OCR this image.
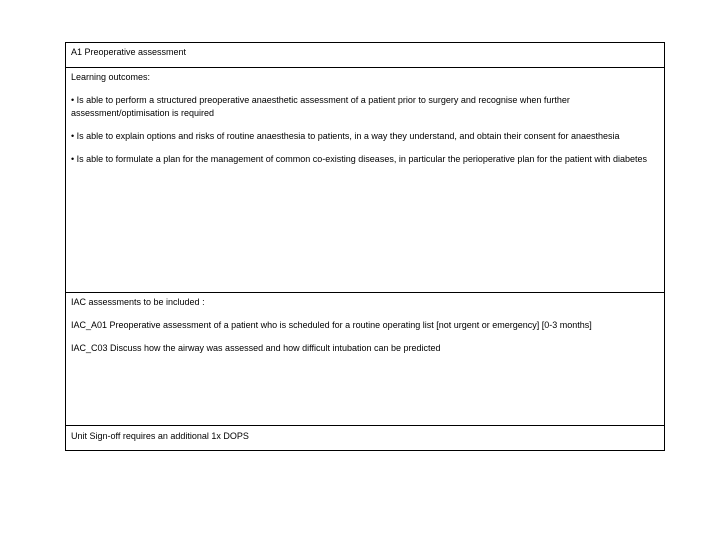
A1 Preoperative assessment

Learning outcomes:

• Is able to perform a structured preoperative anaesthetic assessment of a patient prior to surgery and recognise when further assessment/optimisation is required

• Is able to explain options and risks of routine anaesthesia to patients, in a way they understand, and obtain their consent for anaesthesia

• Is able to formulate a plan for the management of common co-existing diseases, in particular the perioperative plan for the patient with diabetes

IAC assessments to be included :

IAC_A01 Preoperative assessment of a patient who is scheduled for a routine operating list [not urgent or emergency] [0-3 months]

IAC_C03 Discuss how the airway was assessed and how difficult intubation can be predicted

Unit Sign-off requires an additional 1x DOPS
